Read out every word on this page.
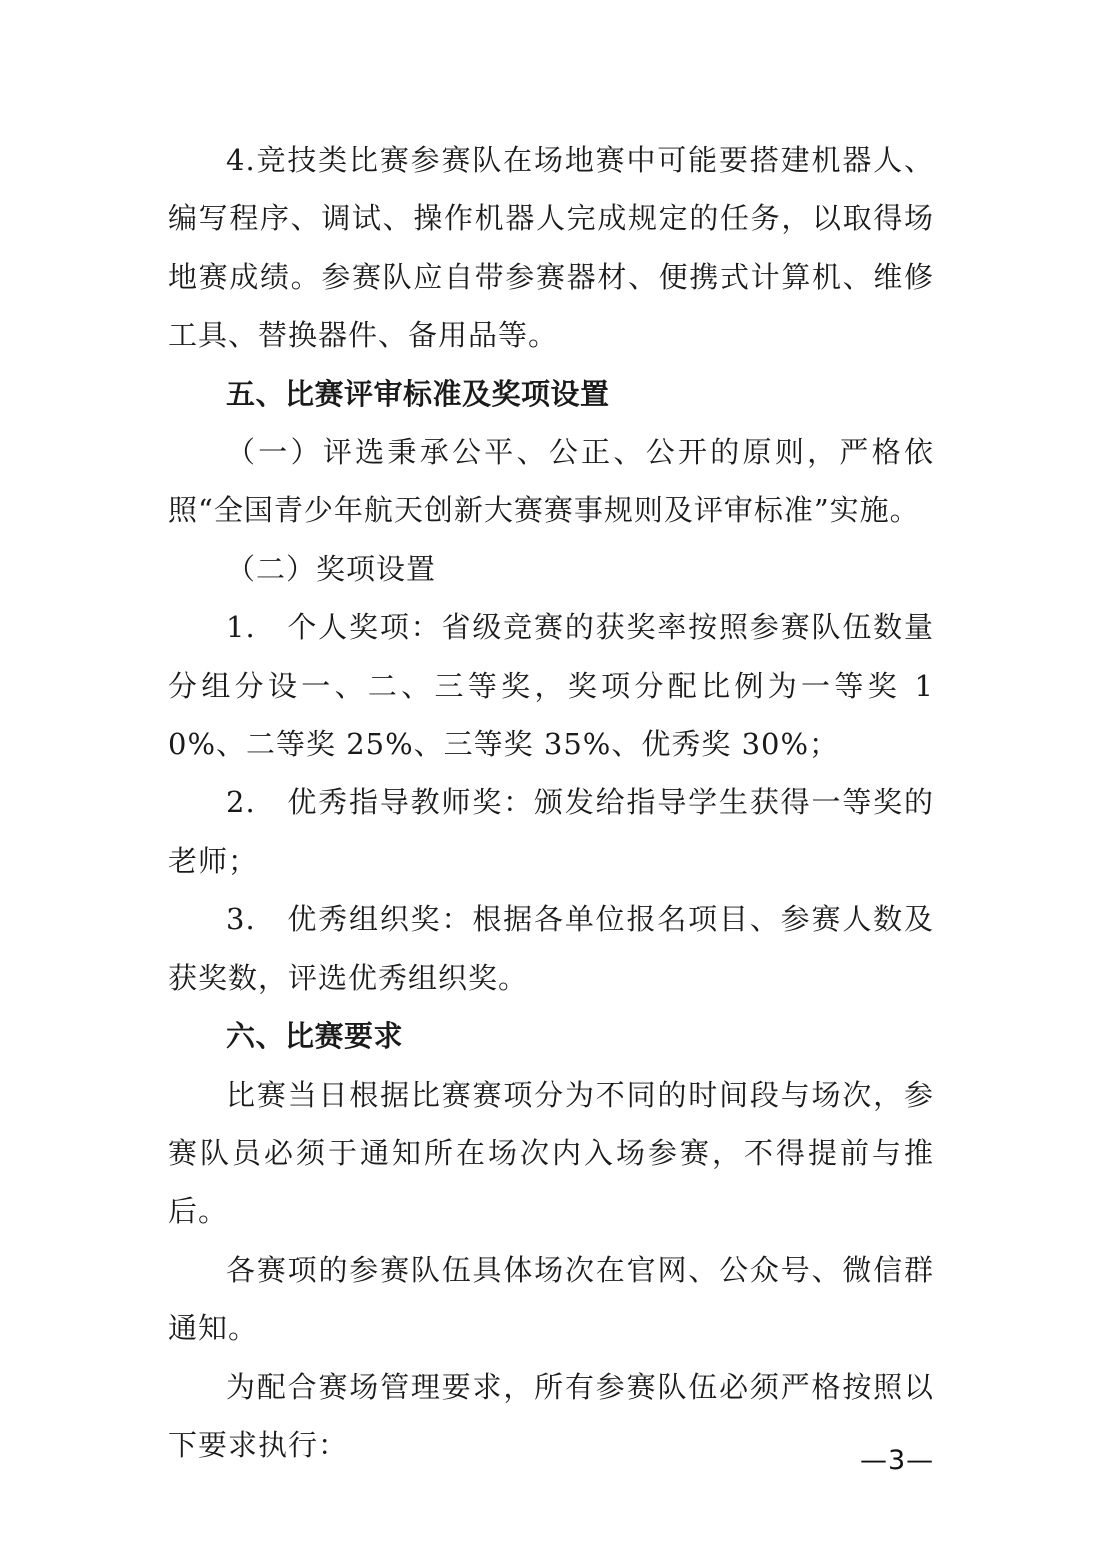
4.竞技类比赛参赛队在场地赛中可能要搭建机器人、编写程序、调试、操作机器人完成规定的任务，以取得场地赛成绩。参赛队应自带参赛器材、便携式计算机、维修工具、替换器件、备用品等。

五、比赛评审标准及奖项设置

（一）评选秉承公平、公正、公开的原则，严格依照“全国青少年航天创新大赛赛事规则及评审标准”实施。

（二）奖项设置

1.　个人奖项：省级竞赛的获奖率按照参赛队伍数量分组分设一、二、三等奖，奖项分配比例为一等奖 10%、二等奖 25%、三等奖 35%、优秀奖 30%；

2.　优秀指导教师奖：颁发给指导学生获得一等奖的老师；

3.　优秀组织奖：根据各单位报名项目、参赛人数及获奖数，评选优秀组织奖。

六、比赛要求

比赛当日根据比赛赛项分为不同的时间段与场次，参赛队员必须于通知所在场次内入场参赛，不得提前与推后。

各赛项的参赛队伍具体场次在官网、公众号、微信群通知。

为配合赛场管理要求，所有参赛队伍必须严格按照以下要求执行：	—3—
